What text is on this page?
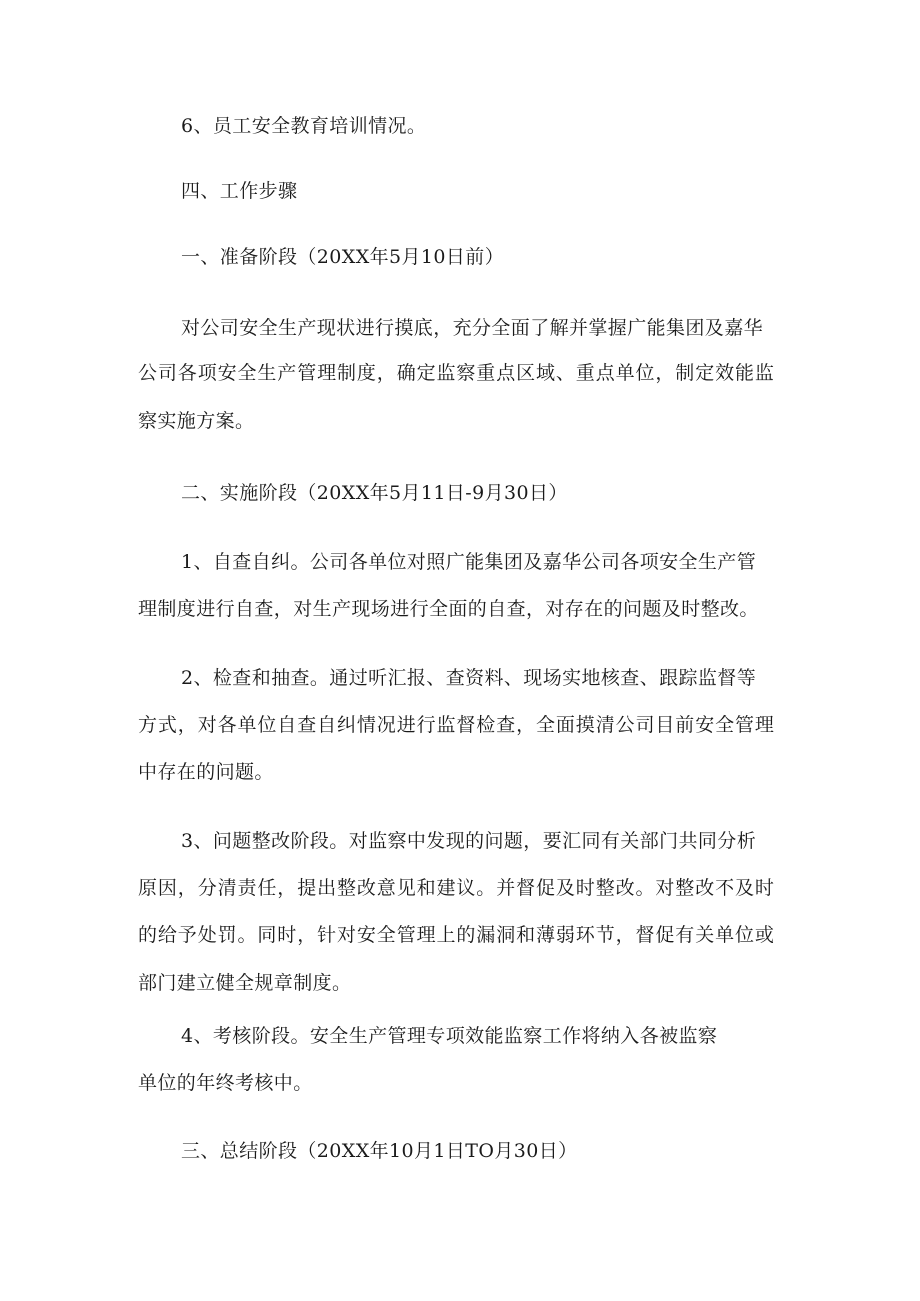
6、员工安全教育培训情况。
四、工作步骤
一、准备阶段（20XX年5月10日前）
对公司安全生产现状进行摸底，充分全面了解并掌握广能集团及嘉华
公司各项安全生产管理制度，确定监察重点区域、重点单位，制定效能监
察实施方案。
二、实施阶段（20XX年5月11日-9月30日）
1、自查自纠。公司各单位对照广能集团及嘉华公司各项安全生产管
理制度进行自查，对生产现场进行全面的自查，对存在的问题及时整改。
2、检查和抽查。通过听汇报、查资料、现场实地核查、跟踪监督等
方式，对各单位自查自纠情况进行监督检查，全面摸清公司目前安全管理
中存在的问题。
3、问题整改阶段。对监察中发现的问题，要汇同有关部门共同分析
原因，分清责任，提出整改意见和建议。并督促及时整改。对整改不及时
的给予处罚。同时，针对安全管理上的漏洞和薄弱环节，督促有关单位或
部门建立健全规章制度。
4、考核阶段。安全生产管理专项效能监察工作将纳入各被监察
单位的年终考核中。
三、总结阶段（20XX年10月1日TO月30日）
